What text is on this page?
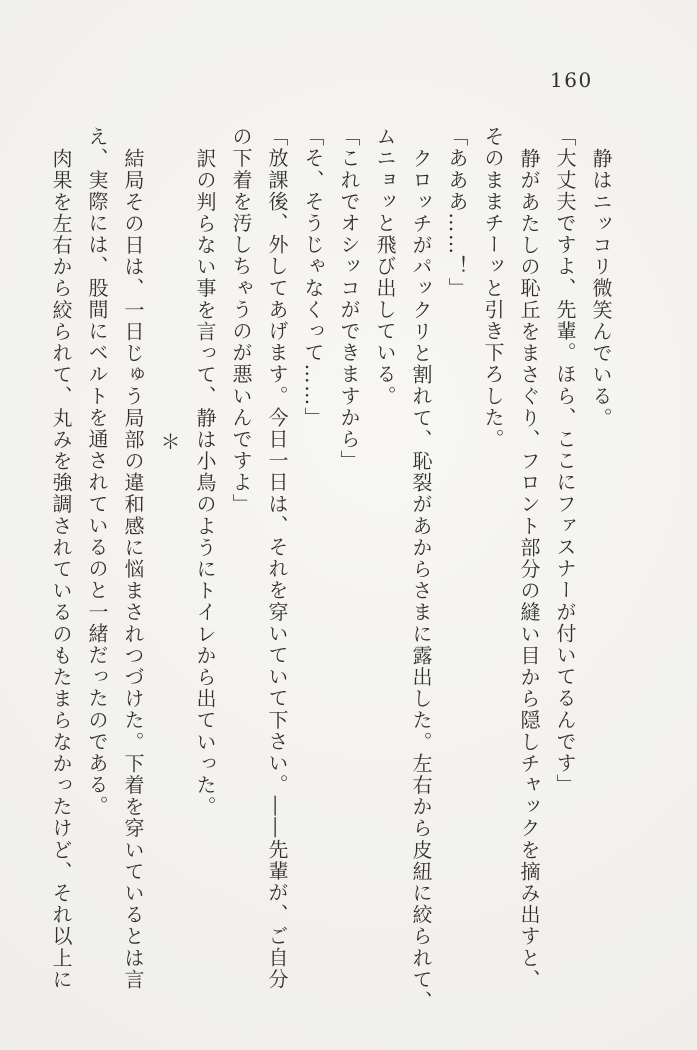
160
静はニッコリ微笑んでいる。
「大丈夫ですよ、先輩。ほら、ここにファスナーが付いてるんです」
静があたしの恥丘をまさぐり、フロント部分の縫い目から隠しチャックを摘み出すと、
そのままチーッと引き下ろした。
「あああ……！」
クロッチがパックリと割れて、恥裂があからさまに露出した。左右から皮紐に絞られて、
ムニョッと飛び出している。
「これでオシッコができますから」
「そ、そうじゃなくって……」
「放課後、外してあげます。今日一日は、それを穿いていて下さい。――先輩が、ご自分
の下着を汚しちゃうのが悪いんですよ」
訳の判らない事を言って、静は小鳥のようにトイレから出ていった。
＊
結局その日は、一日じゅう局部の違和感に悩まされつづけた。下着を穿いているとは言
え、実際には、股間にベルトを通されているのと一緒だったのである。
肉果を左右から絞られて、丸みを強調されているのもたまらなかったけど、それ以上に
